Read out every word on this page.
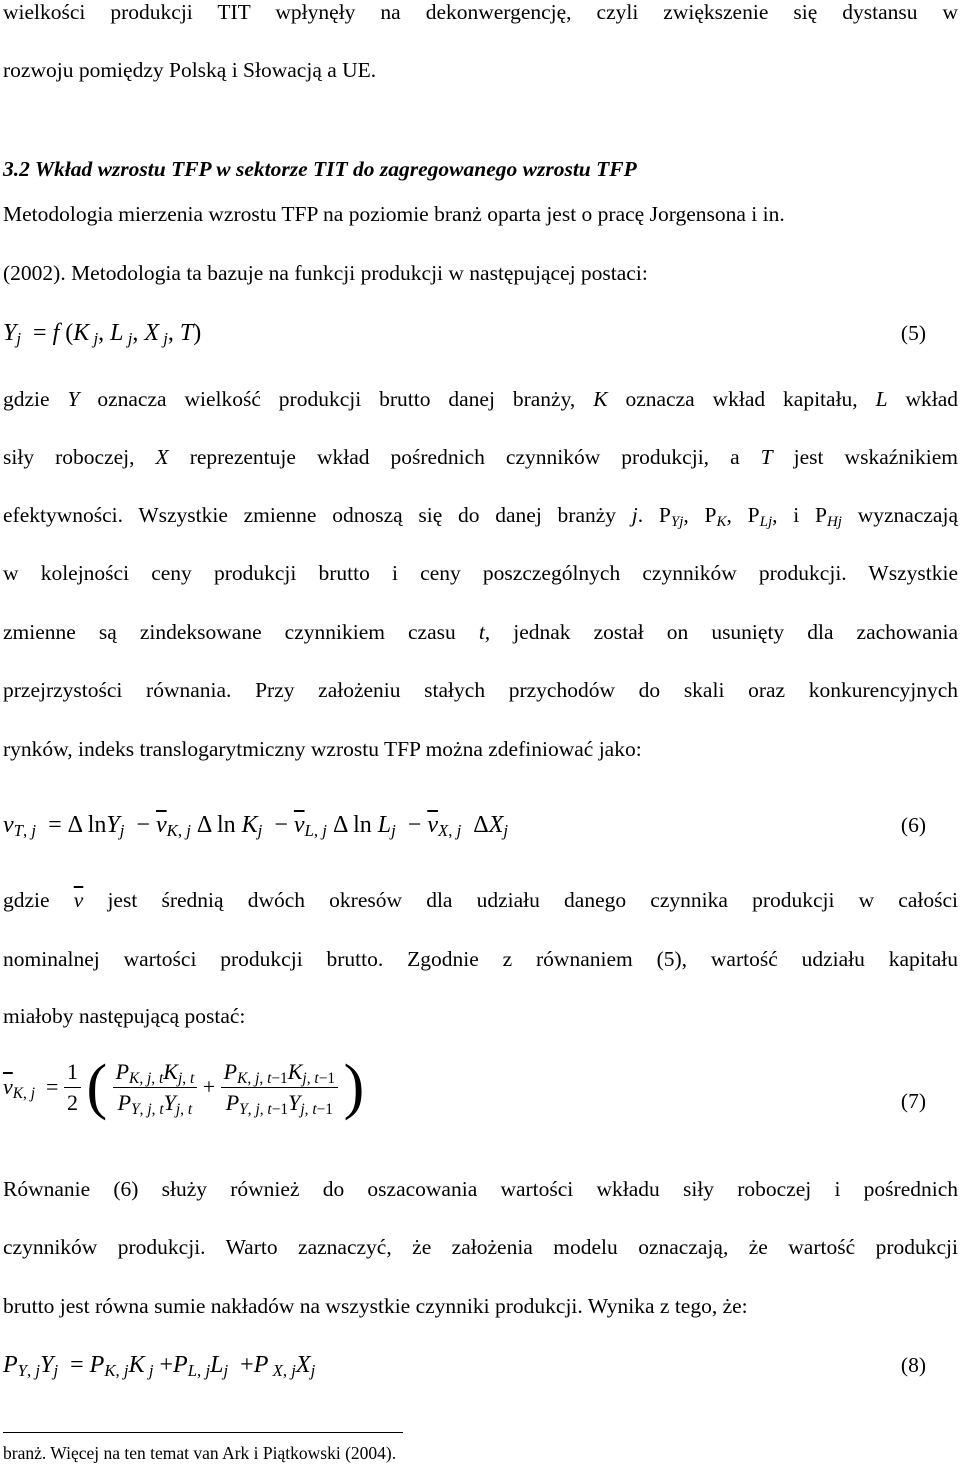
wielkości produkcji TIT wpłynęły na dekonwergencję, czyli zwiększenie się dystansu w
rozwoju pomiędzy Polską i Słowacją a UE.
3.2 Wkład wzrostu TFP w sektorze TIT do zagregowanego wzrostu TFP
Metodologia mierzenia wzrostu TFP na poziomie branż oparta jest o pracę Jorgensona i in.
(2002). Metodologia ta bazuje na funkcji produkcji w następującej postaci:
$Y_j = f$ (K $_j$, L $_j$, X $_j$, T)	(5)
gdzie Y oznacza wielkość produkcji brutto danej branży, K oznacza wkład kapitału, L wkład
siły roboczej, X reprezentuje wkład pośrednich czynników produkcji, a T jest wskaźnikiem
efektywności. Wszystkie zmienne odnoszą się do danej branży j. $P_{Yj}$, $P_K$, $P_{Lj}$, i $P_{Hj}$ wyznaczają
w kolejności ceny produkcji brutto i ceny poszczególnych czynników produkcji. Wszystkie
zmienne są zindeksowane czynnikiem czasu t, jednak został on usunięty dla zachowania
przejrzystości równania. Przy założeniu stałych przychodów do skali oraz konkurencyjnych
rynków, indeks translogarytmiczny wzrostu TFP można zdefiniować jako:
$v_{T, j} = \Delta$ $\ln Y_j - \overline{v}_{K, j}$ Δ $\ln K_j - \overline{v}_{L, j}$ Δ $\ln L_j - \overline{v}_{X, j}$  $\Delta X_j$	(6)
gdzie $\overline{v}$ jest średnią dwóch okresów dla udziału danego czynnika produkcji w całości
nominalnej wartości produkcji brutto. Zgodnie z równaniem (5), wartość udziału kapitału
miałoby następującą postać:
$\overline{v}_{K, j} = \frac{1}{2}$ ( $\frac{P_{K, j, t}K_{j, t}}{P_{Y, j, t}Y_{j, t}} + \frac{P_{K, j, t-1}K_{j, t-1}}{P_{Y, j, t-1}Y_{j, t-1}}$ )	(7)
Równanie (6) służy również do oszacowania wartości wkładu siły roboczej i pośrednich
czynników produkcji. Warto zaznaczyć, że założenia modelu oznaczają, że wartość produkcji
brutto jest równa sumie nakładów na wszystkie czynniki produkcji. Wynika z tego, że:
$P_{Y, j}Y_j = P_{K, j}K$ $_j +P_{L, j}L_j +P$ $_{X, j}X_j$	(8)
branż. Więcej na ten temat van Ark i Piątkowski (2004).
